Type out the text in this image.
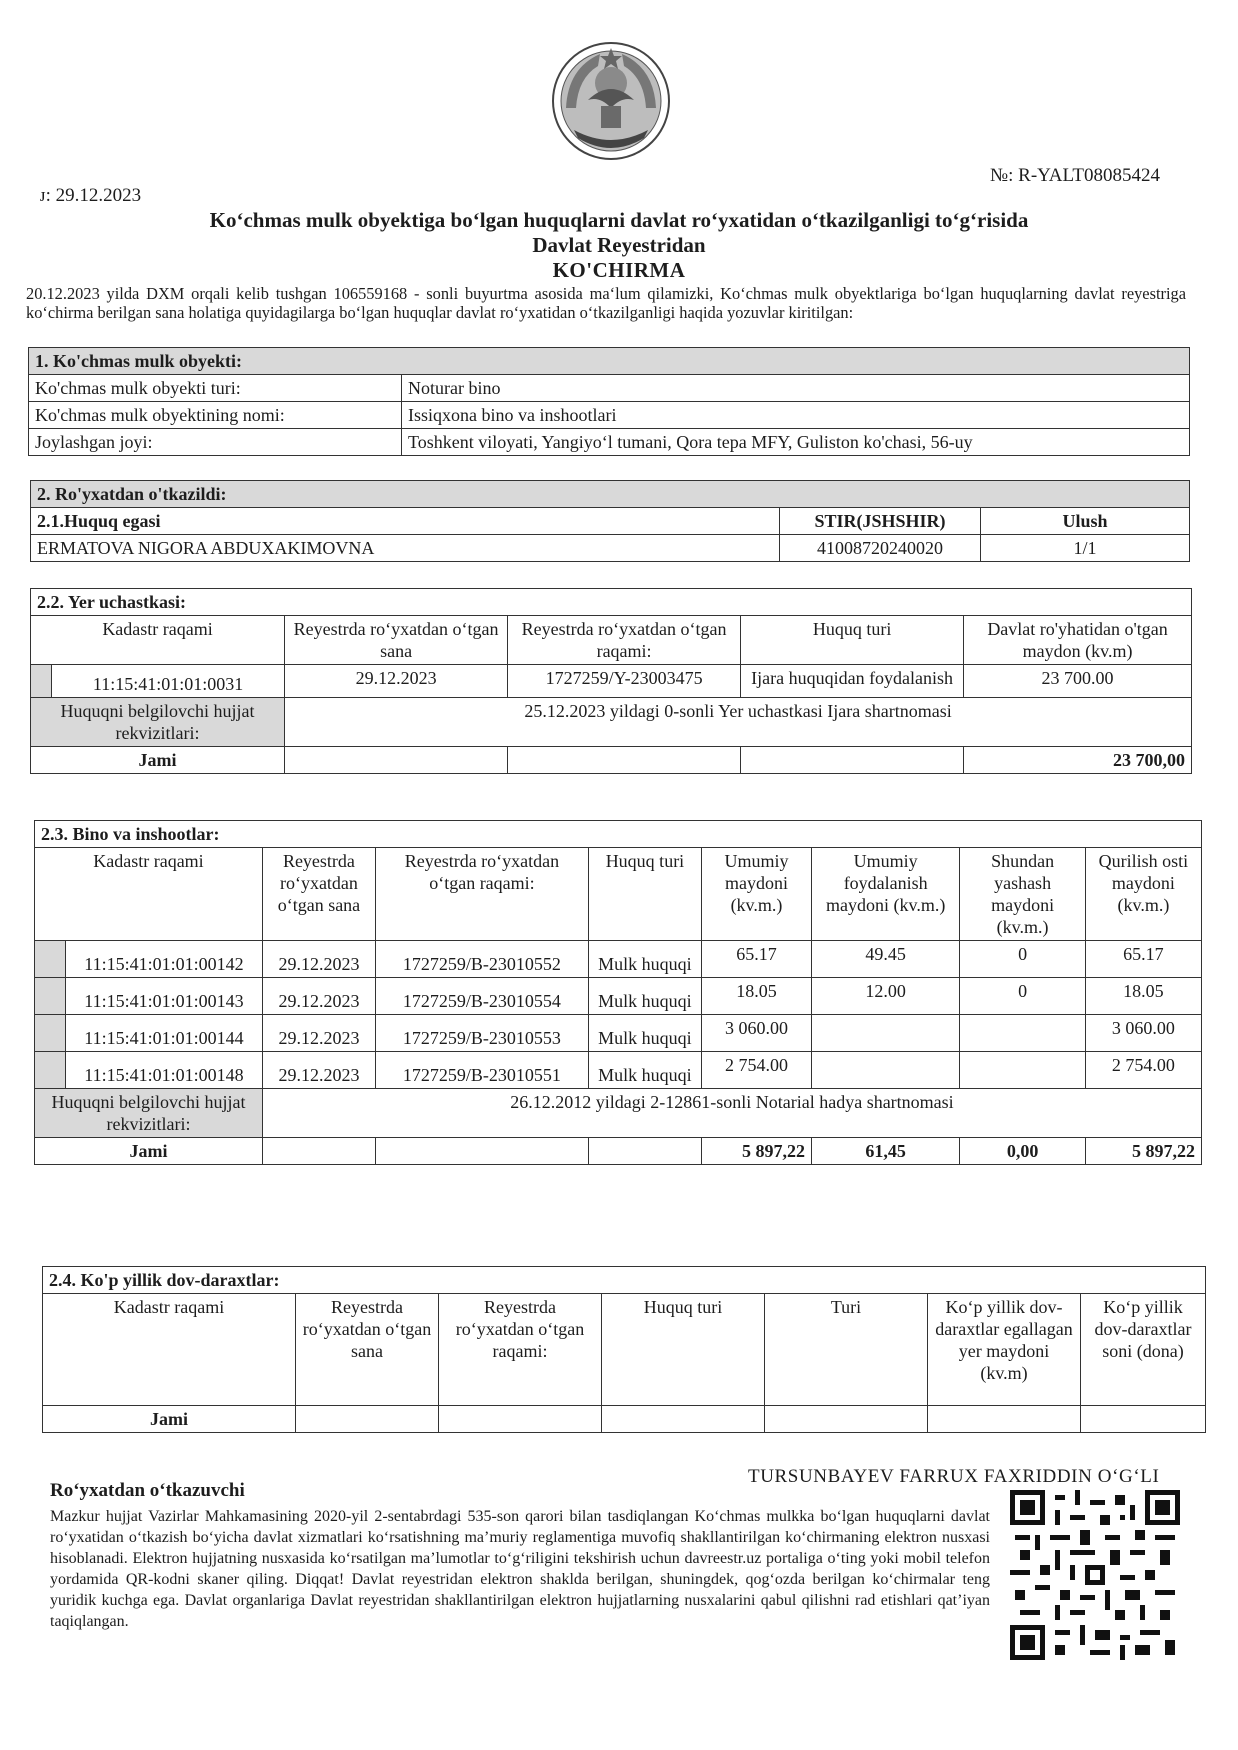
ᴊ: 29.12.2023
№: R-YALT08085424
Ko‘chmas mulk obyektiga bo‘lgan huquqlarni davlat ro‘yxatidan o‘tkazilganligi to‘g‘risida
Davlat Reyestridan
KO'CHIRMA
20.12.2023 yilda DXM orqali kelib tushgan 106559168 - sonli buyurtma asosida ma‘lum qilamizki, Ko‘chmas mulk obyektlariga bo‘lgan huquqlarning davlat reyestriga ko‘chirma berilgan sana holatiga quyidagilarga bo‘lgan huquqlar davlat ro‘yxatidan o‘tkazilganligi haqida yozuvlar kiritilgan:
1. Ko'chmas mulk obyekti:	
Ko'chmas mulk obyekti turi:	Noturar bino
Ko'chmas mulk obyektining nomi:	Issiqxona bino va inshootlari
Joylashgan joyi:	Toshkent viloyati, Yangiyo‘l tumani, Qora tepa MFY, Guliston ko'chasi, 56-uy
2. Ro'yxatdan o'tkazildi:		
2.1.Huquq egasi	STIR(JSHSHIR)	Ulush
ERMATOVA NIGORA ABDUXAKIMOVNA	41008720240020	1/1
2.2. Yer uchastkasi:					
Kadastr raqami		Reyestrda ro‘yxatdan o‘tgan sana	Reyestrda ro‘yxatdan o‘tgan raqami:	Huquq turi	Davlat ro'yhatidan o'tgan maydon (kv.m)
	11:15:41:01:01:0031	29.12.2023	1727259/Y-23003475	Ijara huquqidan foydalanish	23 700.00
Huquqni belgilovchi hujjat rekvizitlari:		25.12.2023 yildagi 0-sonli Yer uchastkasi Ijara shartnomasi			
Jami					23 700,00
2.3. Bino va inshootlar:								
Kadastr raqami		Reyestrda ro‘yxatdan o‘tgan sana	Reyestrda ro‘yxatdan o‘tgan raqami:	Huquq turi	Umumiy maydoni (kv.m.)	Umumiy foydalanish maydoni (kv.m.)	Shundan yashash maydoni (kv.m.)	Qurilish osti maydoni (kv.m.)
	11:15:41:01:01:00142	29.12.2023	1727259/B-23010552	Mulk huquqi	65.17	49.45	0	65.17
	11:15:41:01:01:00143	29.12.2023	1727259/B-23010554	Mulk huquqi	18.05	12.00	0	18.05
	11:15:41:01:01:00144	29.12.2023	1727259/B-23010553	Mulk huquqi	3 060.00			3 060.00
	11:15:41:01:01:00148	29.12.2023	1727259/B-23010551	Mulk huquqi	2 754.00			2 754.00
Huquqni belgilovchi hujjat rekvizitlari:		26.12.2012 yildagi 2-12861-sonli Notarial hadya shartnomasi						
Jami					5 897,22	61,45	0,00	5 897,22
2.4. Ko'p yillik dov-daraxtlar:						
Kadastr raqami	Reyestrda ro‘yxatdan o‘tgan sana	Reyestrda ro‘yxatdan o‘tgan raqami:	Huquq turi	Turi	Ko‘p yillik dov-daraxtlar egallagan yer maydoni (kv.m)	Ko‘p yillik dov-daraxtlar soni (dona)
Jami						
TURSUNBAYEV FARRUX FAXRIDDIN O‘G‘LI
Ro‘yxatdan o‘tkazuvchi
Mazkur hujjat Vazirlar Mahkamasining 2020-yil 2-sentabrdagi 535-son qarori bilan tasdiqlangan Ko‘chmas mulkka bo‘lgan huquqlarni davlat ro‘yxatidan o‘tkazish bo‘yicha davlat xizmatlari ko‘rsatishning ma’muriy reglamentiga muvofiq shakllantirilgan ko‘chirmaning elektron nusxasi hisoblanadi. Elektron hujjatning nusxasida ko‘rsatilgan ma’lumotlar to‘g‘riligini tekshirish uchun davreestr.uz portaliga o‘ting yoki mobil telefon yordamida QR-kodni skaner qiling. Diqqat! Davlat reyestridan elektron shaklda berilgan, shuningdek, qog‘ozda berilgan ko‘chirmalar teng yuridik kuchga ega. Davlat organlariga Davlat reyestridan shakllantirilgan elektron hujjatlarning nusxalarini qabul qilishni rad etishlari qat’iyan taqiqlangan.
